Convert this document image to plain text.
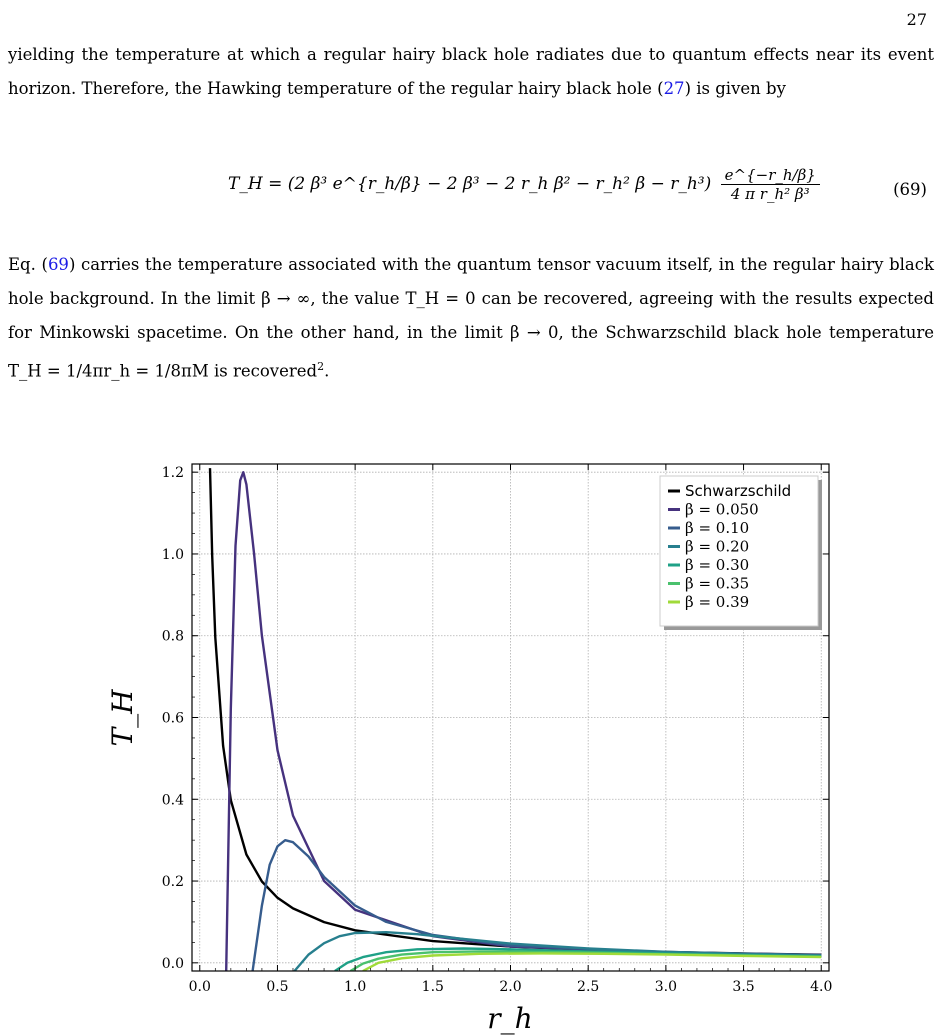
27
yielding the temperature at which a regular hairy black hole radiates due to quantum effects near its event horizon. Therefore, the Hawking temperature of the regular hairy black hole (27) is given by
T_H = (2 β³ e^{r_h/β} − 2 β³ − 2 r_h β² − r_h² β − r_h³) $\frac{e\^{}\{-r\_h/\beta\}}{\text{4 π r\_h² β³}}$	(69)
Eq. (69) carries the temperature associated with the quantum tensor vacuum itself, in the regular hairy black hole background. In the limit β → ∞, the value T_H = 0 can be recovered, agreeing with the results expected for Minkowski spacetime. On the other hand, in the limit β → 0, the Schwarzschild black hole temperature T_H = 1/4πr_h = 1/8πM is recovered$^2$.
0.0	0.5	1.0	1.5	2.0	2.5	3.0	3.5	4.0
0.0
0.2
0.4
0.6
0.8
1.0
1.2
Schwarzschild
β = 0.050
β = 0.10
β = 0.20
β = 0.30
β = 0.35
β = 0.39
r_h
T_H
